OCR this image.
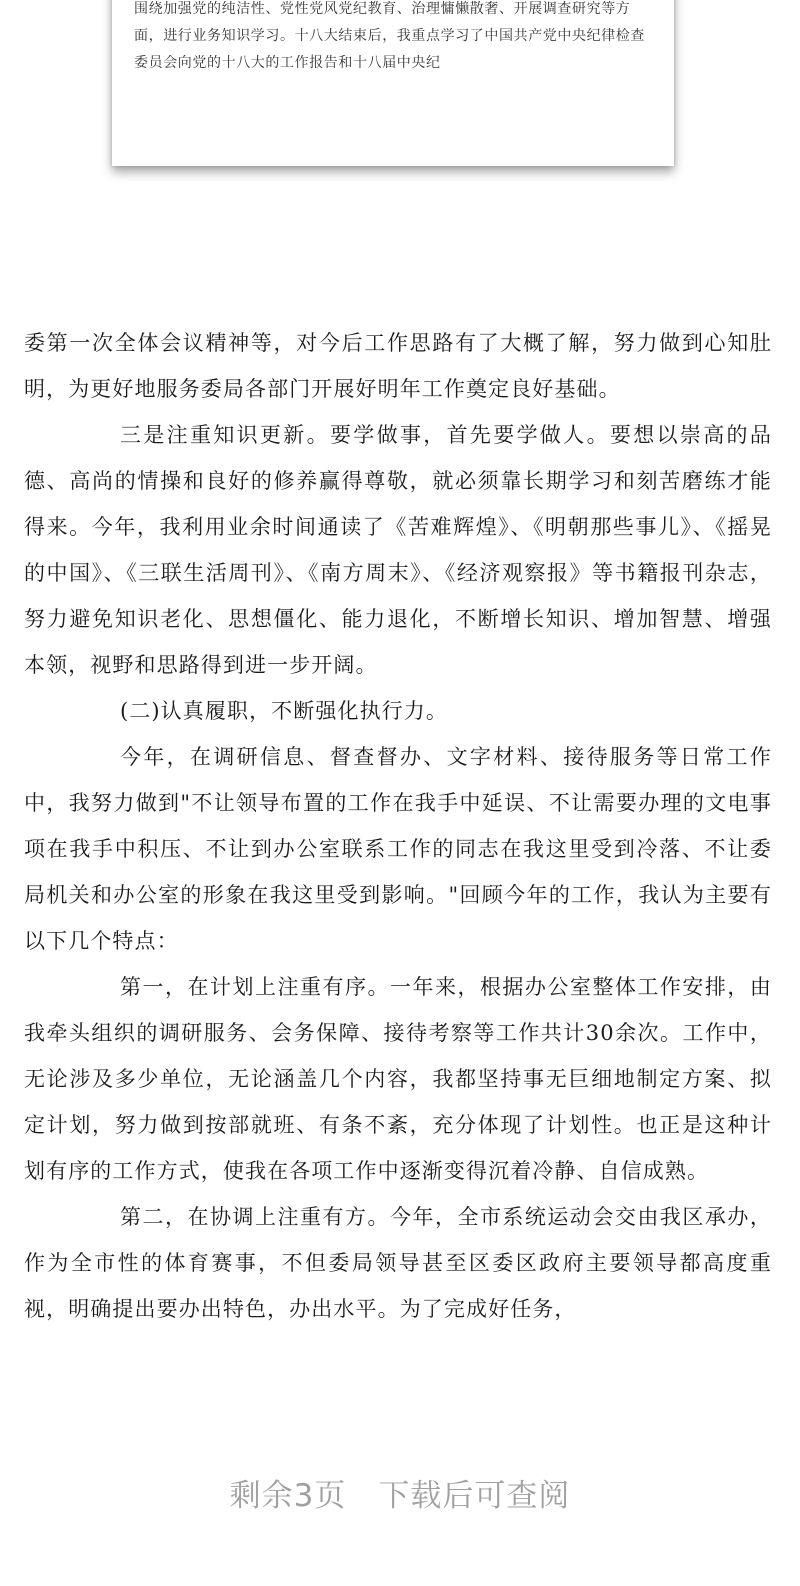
围绕加强党的纯洁性、党性党风党纪教育、治理慵懒散奢、开展调查研究等方面，进行业务知识学习。十八大结束后，我重点学习了中国共产党中央纪律检查委员会向党的十八大的工作报告和十八届中央纪

委第一次全体会议精神等，对今后工作思路有了大概了解，努力做到心知肚明，为更好地服务委局各部门开展好明年工作奠定良好基础。

三是注重知识更新。要学做事，首先要学做人。要想以崇高的品德、高尚的情操和良好的修养赢得尊敬，就必须靠长期学习和刻苦磨练才能得来。今年，我利用业余时间通读了《苦难辉煌》、《明朝那些事儿》、《摇晃的中国》、《三联生活周刊》、《南方周末》、《经济观察报》等书籍报刊杂志，努力避免知识老化、思想僵化、能力退化，不断增长知识、增加智慧、增强本领，视野和思路得到进一步开阔。

(二)认真履职，不断强化执行力。

今年，在调研信息、督查督办、文字材料、接待服务等日常工作中，我努力做到"不让领导布置的工作在我手中延误、不让需要办理的文电事项在我手中积压、不让到办公室联系工作的同志在我这里受到冷落、不让委局机关和办公室的形象在我这里受到影响。"回顾今年的工作，我认为主要有以下几个特点：

第一，在计划上注重有序。一年来，根据办公室整体工作安排，由我牵头组织的调研服务、会务保障、接待考察等工作共计30余次。工作中，无论涉及多少单位，无论涵盖几个内容，我都坚持事无巨细地制定方案、拟定计划，努力做到按部就班、有条不紊，充分体现了计划性。也正是这种计划有序的工作方式，使我在各项工作中逐渐变得沉着冷静、自信成熟。

第二，在协调上注重有方。今年，全市系统运动会交由我区承办，作为全市性的体育赛事，不但委局领导甚至区委区政府主要领导都高度重视，明确提出要办出特色，办出水平。为了完成好任务，

剩余3页　下载后可查阅
